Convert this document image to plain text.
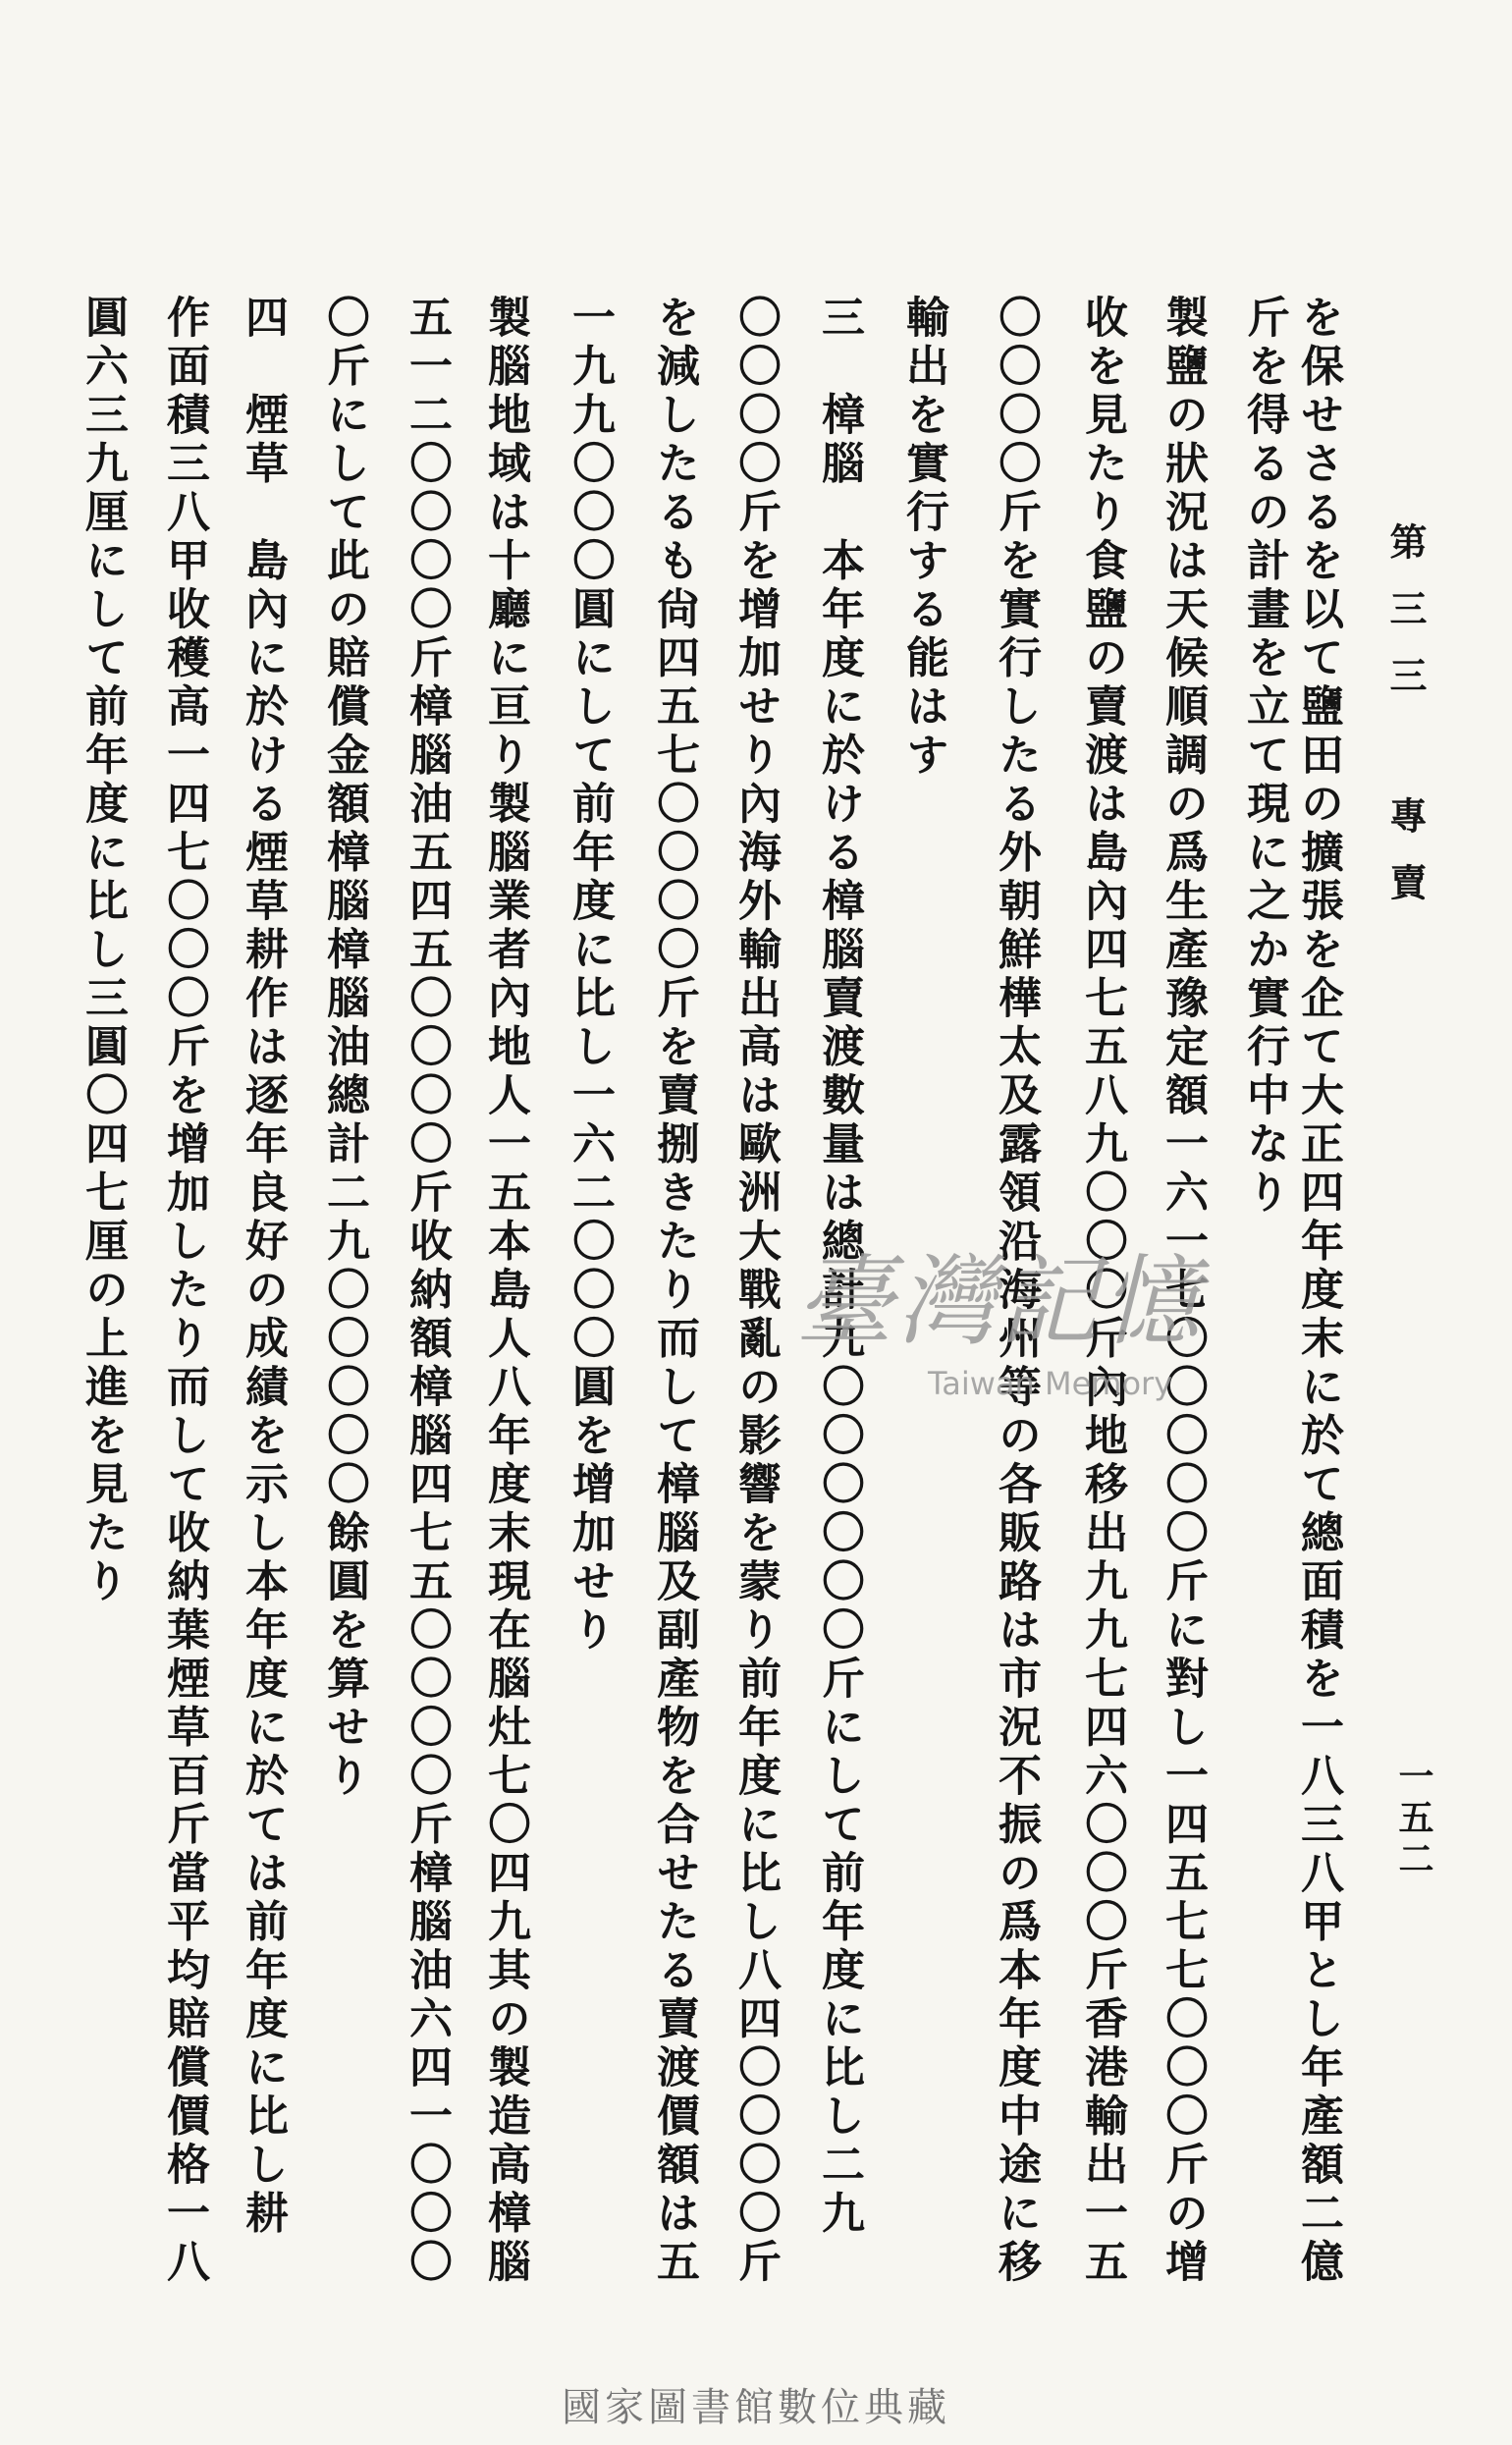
第三三 專賣
一五二
を保せさるを以て鹽田の擴張を企て大正四年度末に於て總面積を一八三八甲とし年產額二億
斤を得るの計畫を立て現に之か實行中なり
製鹽の狀況は天候順調の爲生產豫定額一六一七〇〇〇〇〇斤に對し一四五七七〇〇〇斤の增
收を見たり食鹽の賣渡は島內四七五八九〇〇〇斤內地移出九九七四六〇〇〇斤香港輸出一五
〇〇〇〇斤を實行したる外朝鮮樺太及露領沿海州等の各販路は市況不振の爲本年度中途に移
輸出を實行する能はす
三　樟腦　本年度に於ける樟腦賣渡數量は總計九〇〇〇〇〇〇斤にして前年度に比し二九
〇〇〇〇斤を增加せり內海外輸出高は歐洲大戰亂の影響を蒙り前年度に比し八四〇〇〇〇斤
を減したるも尙四五七〇〇〇〇斤を賣捌きたり而して樟腦及副產物を合せたる賣渡價額は五
一九九〇〇〇圓にして前年度に比し一六二〇〇〇圓を增加せり
製腦地域は十廳に亘り製腦業者內地人一五本島人八年度末現在腦灶七〇四九其の製造高樟腦
五一二〇〇〇〇斤樟腦油五四五〇〇〇〇斤收納額樟腦四七五〇〇〇〇斤樟腦油六四一〇〇〇
〇斤にして此の賠償金額樟腦樟腦油總計二九〇〇〇〇〇餘圓を算せり
四　煙草　島內に於ける煙草耕作は逐年良好の成績を示し本年度に於ては前年度に比し耕
作面積三八甲收穫高一四七〇〇〇斤を增加したり而して收納葉煙草百斤當平均賠償價格一八
圓六三九厘にして前年度に比し三圓〇四七厘の上進を見たり	臺灣記憶
Taiwan Memory
國家圖書館數位典藏
